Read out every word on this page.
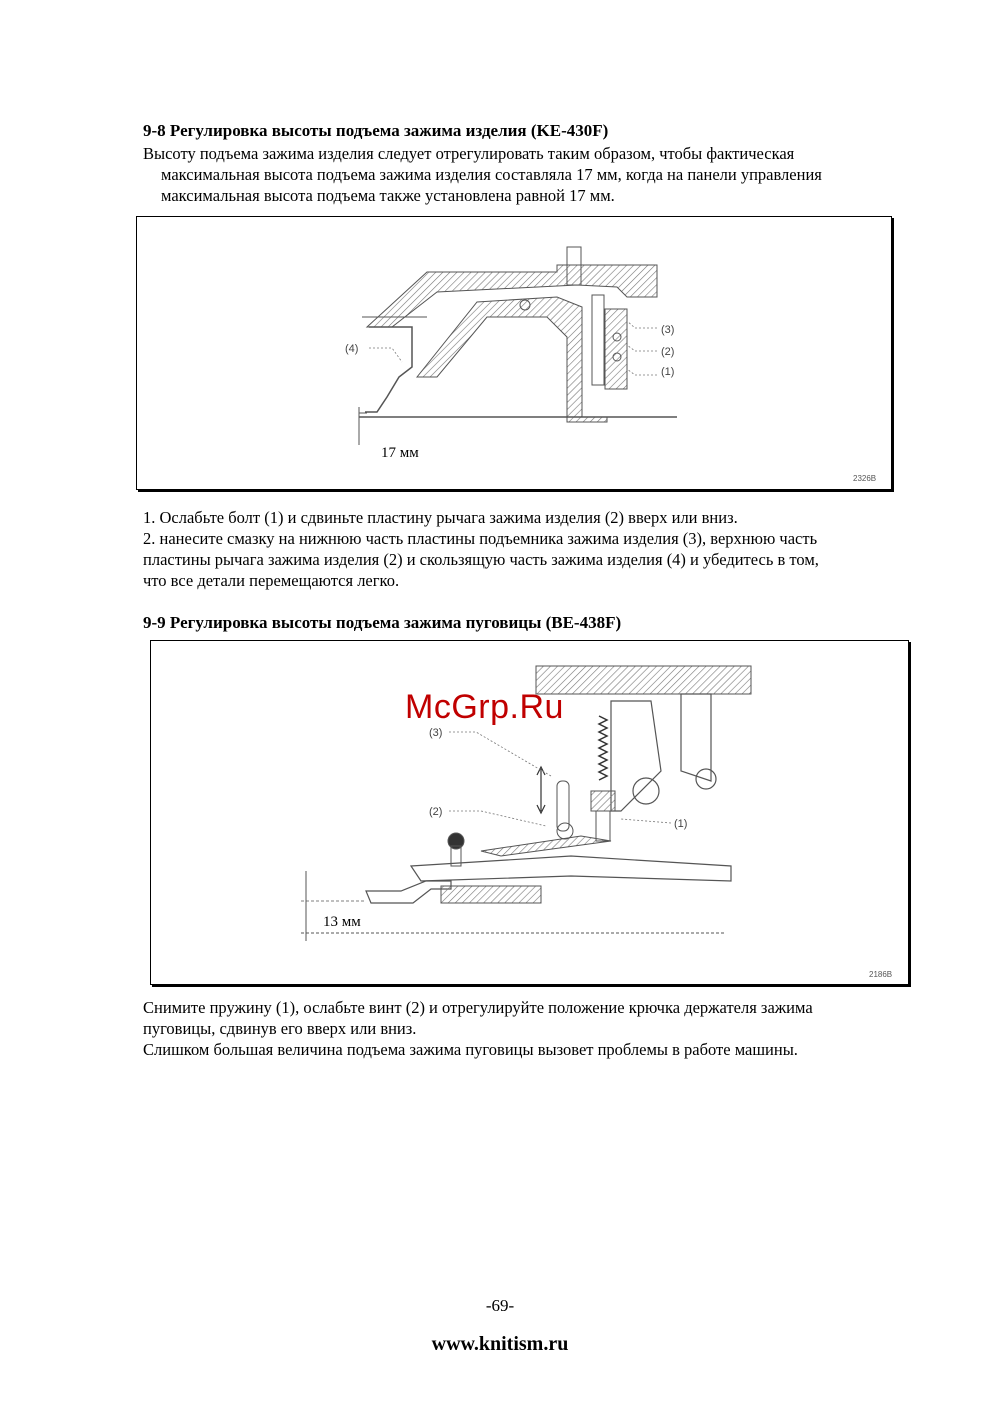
9-8 Регулировка высоты подъема зажима изделия (KE-430F)

Высоту подъема зажима изделия следует отрегулировать таким образом, чтобы фактическая
максимальная высота подъема зажима изделия составляла 17 мм, когда на панели управления
максимальная высота подъема также установлена равной 17 мм.

17 мм
(1)
(2)
(3)
(4)
2326B

1. Ослабьте болт (1) и сдвиньте пластину рычага зажима изделия (2) вверх или вниз.
2. нанесите смазку на нижнюю часть пластины подъемника зажима изделия (3), верхнюю часть
пластины рычага зажима изделия (2) и скользящую часть зажима изделия (4) и убедитесь в том,
что все детали перемещаются легко.

9-9 Регулировка высоты подъема зажима пуговицы (BE-438F)
13 мм
(1)
(2)
(3)
2186B
McGrp.Ru

Снимите пружину (1), ослабьте винт (2) и отрегулируйте положение крючка держателя зажима
пуговицы, сдвинув его вверх или вниз.
Слишком большая величина подъема зажима пуговицы вызовет проблемы в работе машины.

-69-
www.knitism.ru
